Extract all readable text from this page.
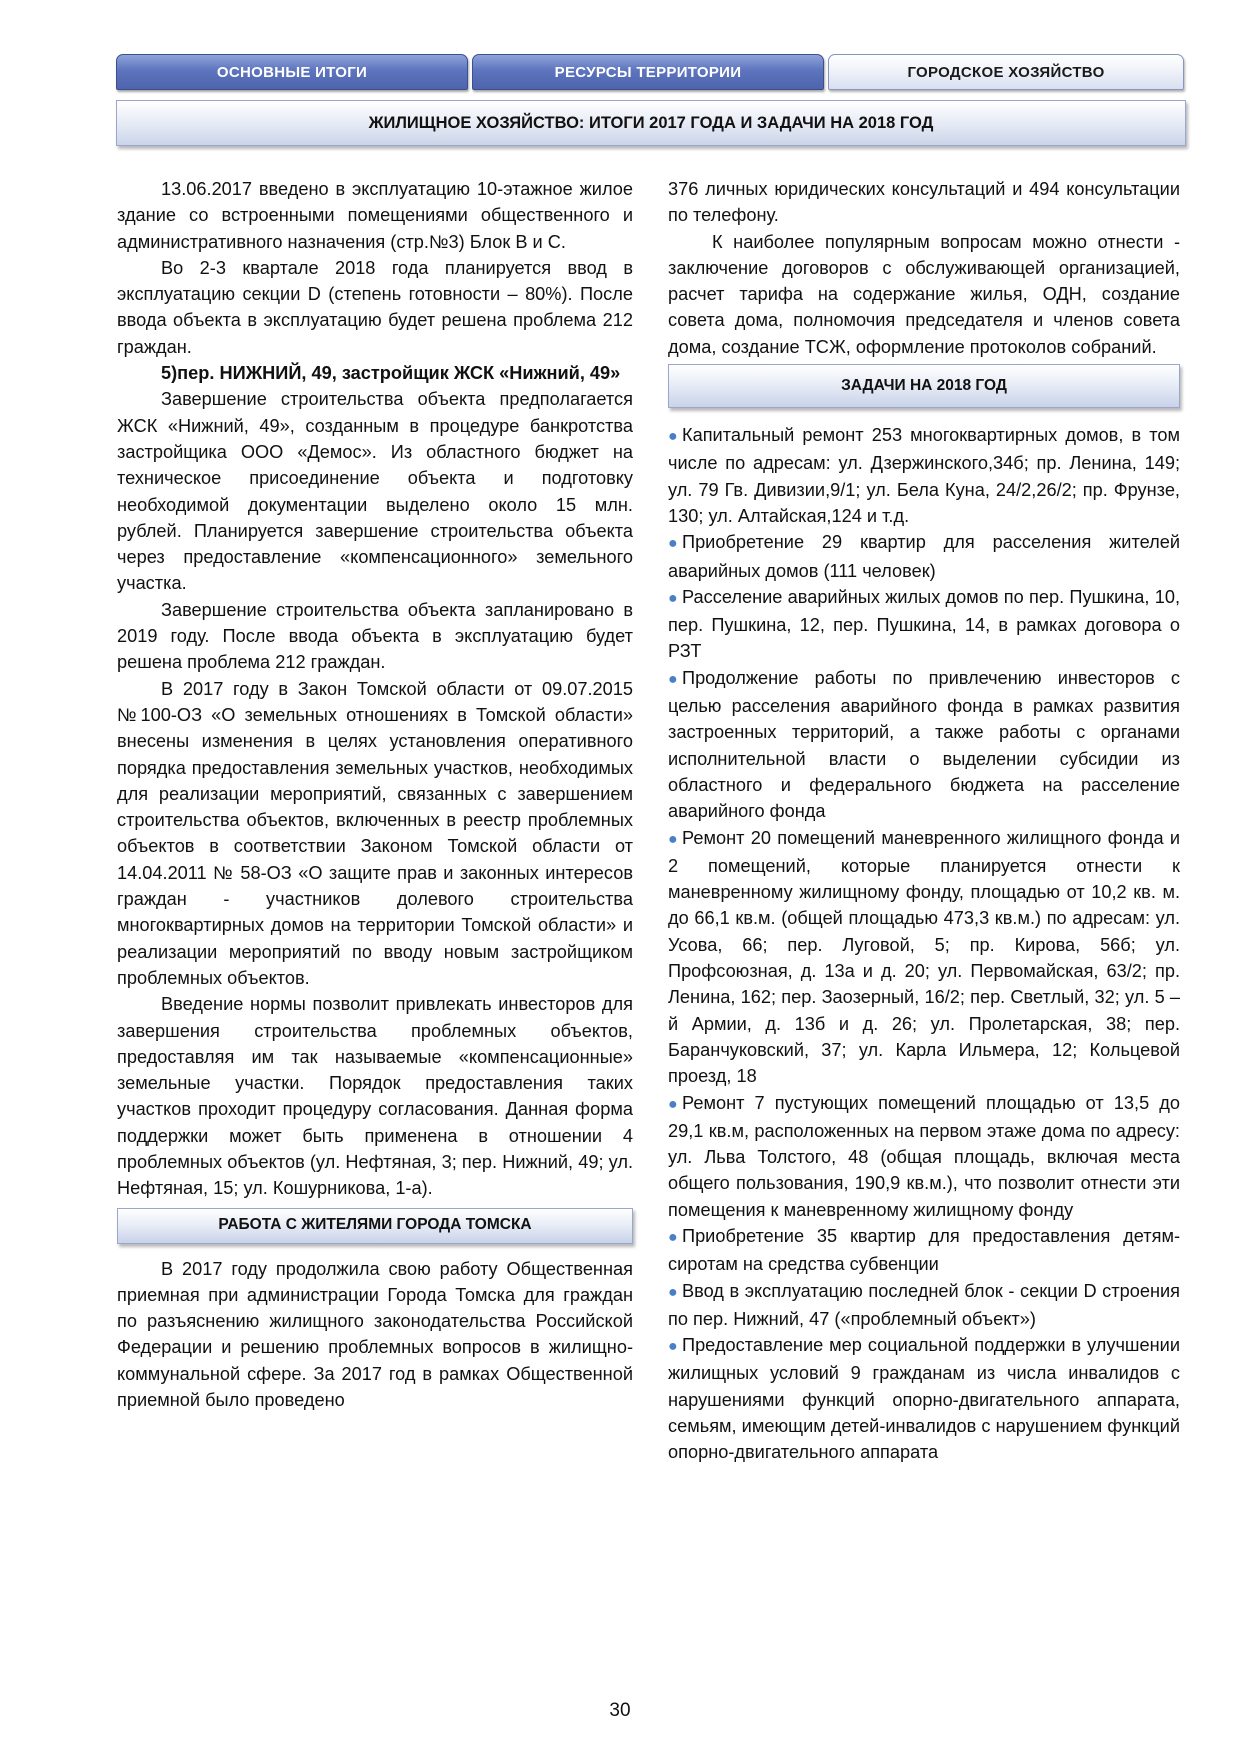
ОСНОВНЫЕ ИТОГИ	РЕСУРСЫ ТЕРРИТОРИИ	ГОРОДСКОЕ ХОЗЯЙСТВО
ЖИЛИЩНОЕ ХОЗЯЙСТВО: ИТОГИ 2017 ГОДА И ЗАДАЧИ НА 2018 ГОД

13.06.2017 введено в эксплуатацию 10-этажное жилое здание со встроенными помещениями общественного и административного назначения (стр.№3) Блок В и С.

Во 2-3 квартале 2018 года планируется ввод в эксплуатацию секции D (степень готовности – 80%). После ввода объекта в эксплуатацию будет решена проблема 212 граждан.

5)пер. НИЖНИЙ, 49, застройщик ЖСК «Нижний, 49»

Завершение строительства объекта предполагается ЖСК «Нижний, 49», созданным в процедуре банкротства застройщика ООО «Демос». Из областного бюджет на техническое присоединение объекта и подготовку необходимой документации выделено около 15 млн. рублей. Планируется завершение строительства объекта через предоставление «компенсационного» земельного участка.

Завершение строительства объекта запланировано в 2019 году. После ввода объекта в эксплуатацию будет решена проблема 212 граждан.

В 2017 году в Закон Томской области от 09.07.2015 №100-ОЗ «О земельных отношениях в Томской области» внесены изменения в целях установления оперативного порядка предоставления земельных участков, необходимых для реализации мероприятий, связанных с завершением строительства объектов, включенных в реестр проблемных объектов в соответствии Законом Томской области от 14.04.2011 № 58-ОЗ «О защите прав и законных интересов граждан - участников долевого строительства многоквартирных домов на территории Томской области» и реализации мероприятий по вводу новым застройщиком проблемных объектов.

Введение нормы позволит привлекать инвесторов для завершения строительства проблемных объектов, предоставляя им так называемые «компенсационные» земельные участки. Порядок предоставления таких участков проходит процедуру согласования. Данная форма поддержки может быть применена в отношении 4 проблемных объектов (ул. Нефтяная, 3; пер. Нижний, 49; ул. Нефтяная, 15; ул. Кошурникова, 1-а).

РАБОТА С ЖИТЕЛЯМИ ГОРОДА ТОМСКА

В 2017 году продолжила свою работу Общественная приемная при администрации Города Томска для граждан по разъяснению жилищного законодательства Российской Федерации и решению проблемных вопросов в жилищно-коммунальной сфере. За 2017 год в рамках Общественной приемной было проведено

376 личных юридических консультаций и 494 консультации по телефону.

К наиболее популярным вопросам можно отнести - заключение договоров с обслуживающей организацией, расчет тарифа на содержание жилья, ОДН, создание совета дома, полномочия председателя и членов совета дома, создание ТСЖ, оформление протоколов собраний.

ЗАДАЧИ НА 2018 ГОД

● Капитальный ремонт 253 многоквартирных домов, в том числе по адресам: ул. Дзержинского,34б; пр. Ленина, 149; ул. 79 Гв. Дивизии,9/1; ул. Бела Куна, 24/2,26/2; пр. Фрунзе, 130; ул. Алтайская,124 и т.д.

● Приобретение 29 квартир для расселения жителей аварийных домов (111 человек)

● Расселение аварийных жилых домов по пер. Пушкина, 10, пер. Пушкина, 12, пер. Пушкина, 14, в рамках договора о РЗТ

● Продолжение работы по привлечению инвесторов с целью расселения аварийного фонда в рамках развития застроенных территорий, а также работы с органами исполнительной власти о выделении субсидии из областного и федерального бюджета на расселение аварийного фонда

● Ремонт 20 помещений маневренного жилищного фонда и 2 помещений, которые планируется отнести к маневренному жилищному фонду, площадью от 10,2 кв. м. до 66,1 кв.м. (общей площадью 473,3 кв.м.) по адресам: ул. Усова, 66; пер. Луговой, 5; пр. Кирова, 56б; ул. Профсоюзная, д. 13а и д. 20; ул. Первомайская, 63/2; пр. Ленина, 162; пер. Заозерный, 16/2; пер. Светлый, 32; ул. 5 – й Армии, д. 13б и д. 26; ул. Пролетарская, 38; пер. Баранчуковский, 37; ул. Карла Ильмера, 12; Кольцевой проезд, 18

● Ремонт 7 пустующих помещений площадью от 13,5 до 29,1 кв.м, расположенных на первом этаже дома по адресу: ул. Льва Толстого, 48 (общая площадь, включая места общего пользования, 190,9 кв.м.), что позволит отнести эти помещения к маневренному жилищному фонду

● Приобретение 35 квартир для предоставления детям-сиротам на средства субвенции

● Ввод в эксплуатацию последней блок - секции D строения по пер. Нижний, 47 («проблемный объект»)

● Предоставление мер социальной поддержки в улучшении жилищных условий 9 гражданам из числа инвалидов с нарушениями функций опорно-двигательного аппарата, семьям, имеющим детей-инвалидов с нарушением функций опорно-двигательного аппарата

30
